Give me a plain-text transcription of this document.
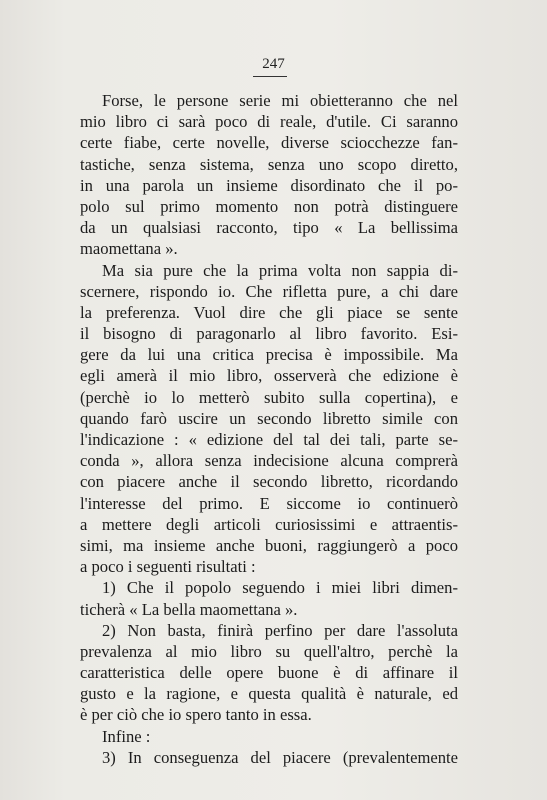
247
Forse, le persone serie mi obietteranno che nel
mio libro ci sarà poco di reale, d'utile. Ci saranno
certe fiabe, certe novelle, diverse sciocchezze fan-
tastiche, senza sistema, senza uno scopo diretto,
in una parola un insieme disordinato che il po-
polo sul primo momento non potrà distinguere
da un qualsiasi racconto, tipo « La bellissima
maomettana ».
Ma sia pure che la prima volta non sappia di-
scernere, rispondo io. Che rifletta pure, a chi dare
la preferenza. Vuol dire che gli piace se sente
il bisogno di paragonarlo al libro favorito. Esi-
gere da lui una critica precisa è impossibile. Ma
egli amerà il mio libro, osserverà che edizione è
(perchè io lo metterò subito sulla copertina), e
quando farò uscire un secondo libretto simile con
l'indicazione : « edizione del tal dei tali, parte se-
conda », allora senza indecisione alcuna comprerà
con piacere anche il secondo libretto, ricordando
l'interesse del primo. E siccome io continuerò
a mettere degli articoli curiosissimi e attraentis-
simi, ma insieme anche buoni, raggiungerò a poco
a poco i seguenti risultati :
1) Che il popolo seguendo i miei libri dimen-
ticherà « La bella maomettana ».
2) Non basta, finirà perfino per dare l'assoluta
prevalenza al mio libro su quell'altro, perchè la
caratteristica delle opere buone è di affinare il
gusto e la ragione, e questa qualità è naturale, ed
è per ciò che io spero tanto in essa.
Infine :
3) In conseguenza del piacere (prevalentemente
